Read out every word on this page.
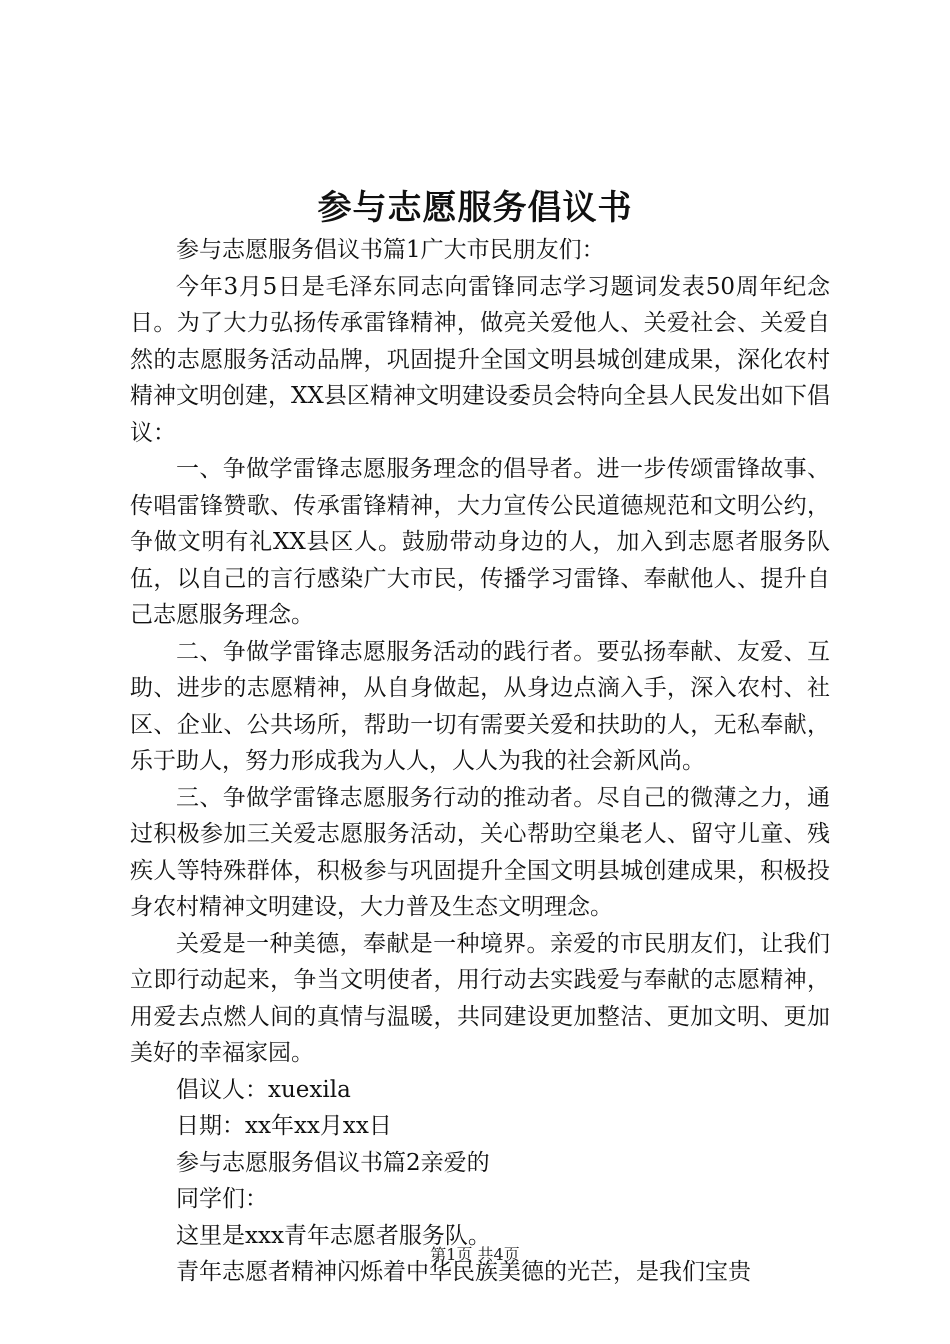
参与志愿服务倡议书

参与志愿服务倡议书篇1广大市民朋友们：

今年3月5日是毛泽东同志向雷锋同志学习题词发表50周年纪念日。为了大力弘扬传承雷锋精神，做亮关爱他人、关爱社会、关爱自然的志愿服务活动品牌，巩固提升全国文明县城创建成果，深化农村精神文明创建，XX县区精神文明建设委员会特向全县人民发出如下倡议：

一、争做学雷锋志愿服务理念的倡导者。进一步传颂雷锋故事、传唱雷锋赞歌、传承雷锋精神，大力宣传公民道德规范和文明公约，争做文明有礼XX县区人。鼓励带动身边的人，加入到志愿者服务队伍，以自己的言行感染广大市民，传播学习雷锋、奉献他人、提升自己志愿服务理念。

二、争做学雷锋志愿服务活动的践行者。要弘扬奉献、友爱、互助、进步的志愿精神，从自身做起，从身边点滴入手，深入农村、社区、企业、公共场所，帮助一切有需要关爱和扶助的人，无私奉献，乐于助人，努力形成我为人人，人人为我的社会新风尚。

三、争做学雷锋志愿服务行动的推动者。尽自己的微薄之力，通过积极参加三关爱志愿服务活动，关心帮助空巢老人、留守儿童、残疾人等特殊群体，积极参与巩固提升全国文明县城创建成果，积极投身农村精神文明建设，大力普及生态文明理念。

关爱是一种美德，奉献是一种境界。亲爱的市民朋友们，让我们立即行动起来，争当文明使者，用行动去实践爱与奉献的志愿精神，用爱去点燃人间的真情与温暖，共同建设更加整洁、更加文明、更加美好的幸福家园。

倡议人：xuexila

日期：xx年xx月xx日

参与志愿服务倡议书篇2亲爱的

同学们：

这里是xxx青年志愿者服务队。

青年志愿者精神闪烁着中华民族美德的光芒，是我们宝贵

第1页 共4页
